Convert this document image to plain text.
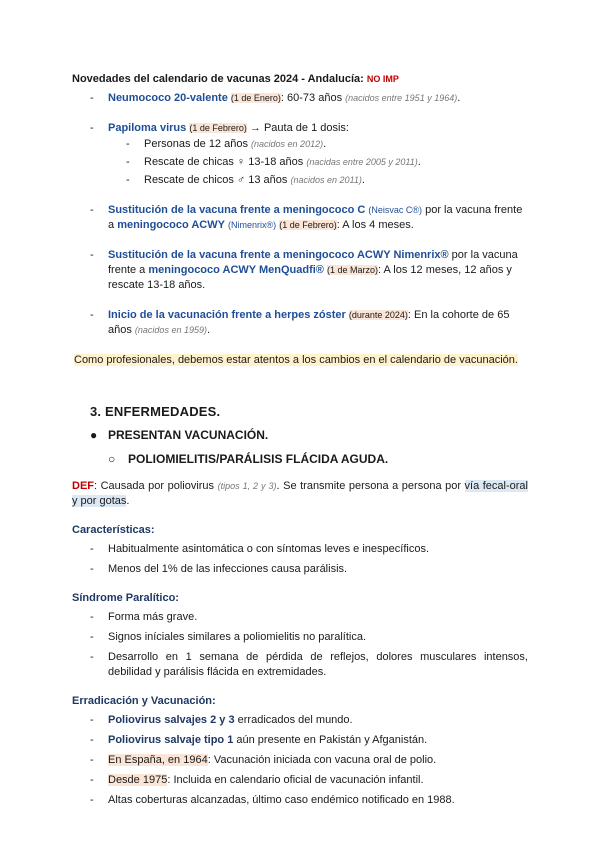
Novedades del calendario de vacunas 2024 - Andalucía: NO IMP
- Neumococo 20-valente (1 de Enero): 60-73 años (nacidos entre 1951 y 1964).
- Papiloma virus (1 de Febrero) → Pauta de 1 dosis:
- Personas de 12 años (nacidos en 2012).
- Rescate de chicas ♀ 13-18 años (nacidas entre 2005 y 2011).
- Rescate de chicos ♂ 13 años (nacidos en 2011).
- Sustitución de la vacuna frente a meningococo C (Neisvac C®) por la vacuna frente a meningococo ACWY (Nimenrix®) (1 de Febrero): A los 4 meses.
- Sustitución de la vacuna frente a meningococo ACWY Nimenrix® por la vacuna frente a meningococo ACWY MenQuadfi® (1 de Marzo): A los 12 meses, 12 años y rescate 13-18 años.
- Inicio de la vacunación frente a herpes zóster (durante 2024): En la cohorte de 65 años (nacidos en 1959).
Como profesionales, debemos estar atentos a los cambios en el calendario de vacunación.
3. ENFERMEDADES.
● PRESENTAN VACUNACIÓN.
○ POLIOMIELITIS/PARÁLISIS FLÁCIDA AGUDA.
DEF: Causada por poliovirus (tipos 1, 2 y 3). Se transmite persona a persona por vía fecal-oral y por gotas.
Características:
- Habitualmente asintomática o con síntomas leves e inespecíficos.
- Menos del 1% de las infecciones causa parálisis.
Síndrome Paralítico:
- Forma más grave.
- Signos iníciales similares a poliomielitis no paralítica.
- Desarrollo en 1 semana de pérdida de reflejos, dolores musculares intensos, debilidad y parálisis flácida en extremidades.
Erradicación y Vacunación:
- Poliovirus salvajes 2 y 3 erradicados del mundo.
- Poliovirus salvaje tipo 1 aún presente en Pakistán y Afganistán.
- En España, en 1964: Vacunación iniciada con vacuna oral de polio.
- Desde 1975: Incluida en calendario oficial de vacunación infantil.
- Altas coberturas alcanzadas, último caso endémico notificado en 1988.
